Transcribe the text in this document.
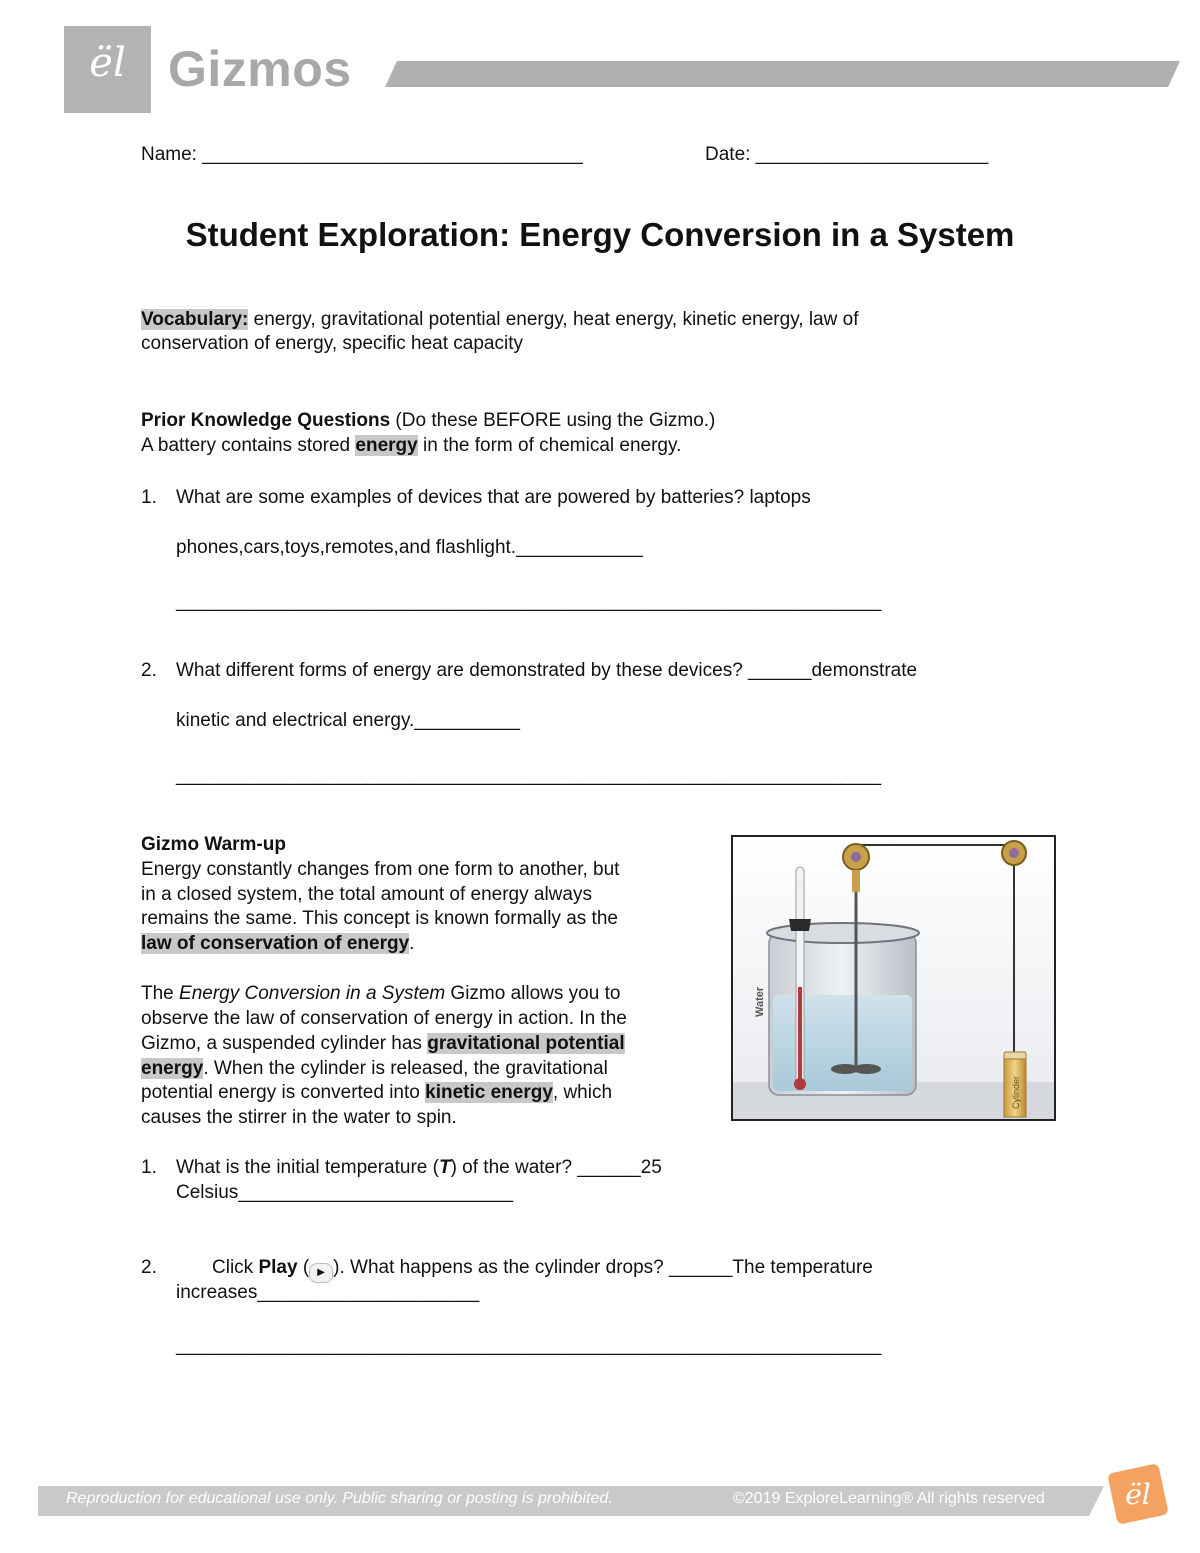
ël Gizmos
Name: ____________________________________	Date: ______________________
Student Exploration: Energy Conversion in a System
Vocabulary: energy, gravitational potential energy, heat energy, kinetic energy, law of
conservation of energy, specific heat capacity
Prior Knowledge Questions (Do these BEFORE using the Gizmo.)
A battery contains stored energy in the form of chemical energy.
1. What are some examples of devices that are powered by batteries? laptops
phones,cars,toys,remotes,and flashlight.____________
______________________________________________________________________
2. What different forms of energy are demonstrated by these devices? ______demonstrate
kinetic and electrical energy.__________
______________________________________________________________________
Gizmo Warm-up
Energy constantly changes from one form to another, but
in a closed system, the total amount of energy always
remains the same. This concept is known formally as the
law of conservation of energy.
The Energy Conversion in a System Gizmo allows you to
observe the law of conservation of energy in action. In the
Gizmo, a suspended cylinder has gravitational potential
energy. When the cylinder is released, the gravitational
potential energy is converted into kinetic energy, which
causes the stirrer in the water to spin.
Water
Cylinder
1. What is the initial temperature (T) of the water? ______25
Celsius__________________________
2.	Click Play ( ▶ ). What happens as the cylinder drops? ______The temperature
increases_____________________
______________________________________________________________________
Reproduction for educational use only. Public sharing or posting is prohibited.	©2019 ExploreLearning® All rights reserved	ël
